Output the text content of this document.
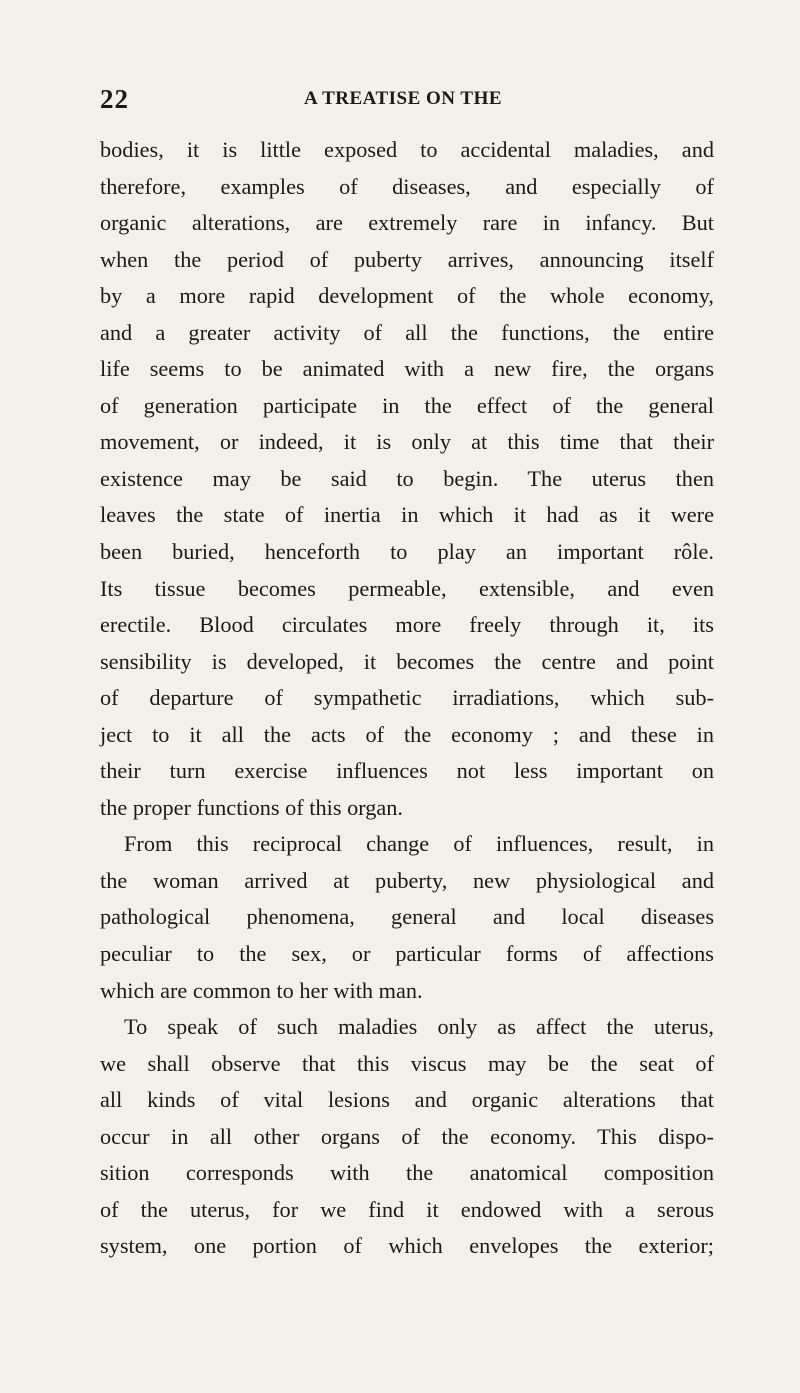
22	A TREATISE ON THE
bodies, it is little exposed to accidental maladies, and
therefore, examples of diseases, and especially of
organic alterations, are extremely rare in infancy. But
when the period of puberty arrives, announcing itself
by a more rapid development of the whole economy,
and a greater activity of all the functions, the entire
life seems to be animated with a new fire, the organs
of generation participate in the effect of the general
movement, or indeed, it is only at this time that their
existence may be said to begin. The uterus then
leaves the state of inertia in which it had as it were
been buried, henceforth to play an important rôle.
Its tissue becomes permeable, extensible, and even
erectile. Blood circulates more freely through it, its
sensibility is developed, it becomes the centre and point
of departure of sympathetic irradiations, which sub-
ject to it all the acts of the economy ; and these in
their turn exercise influences not less important on
the proper functions of this organ.
From this reciprocal change of influences, result, in
the woman arrived at puberty, new physiological and
pathological phenomena, general and local diseases
peculiar to the sex, or particular forms of affections
which are common to her with man.
To speak of such maladies only as affect the uterus,
we shall observe that this viscus may be the seat of
all kinds of vital lesions and organic alterations that
occur in all other organs of the economy. This dispo-
sition corresponds with the anatomical composition
of the uterus, for we find it endowed with a serous
system, one portion of which envelopes the exterior;
